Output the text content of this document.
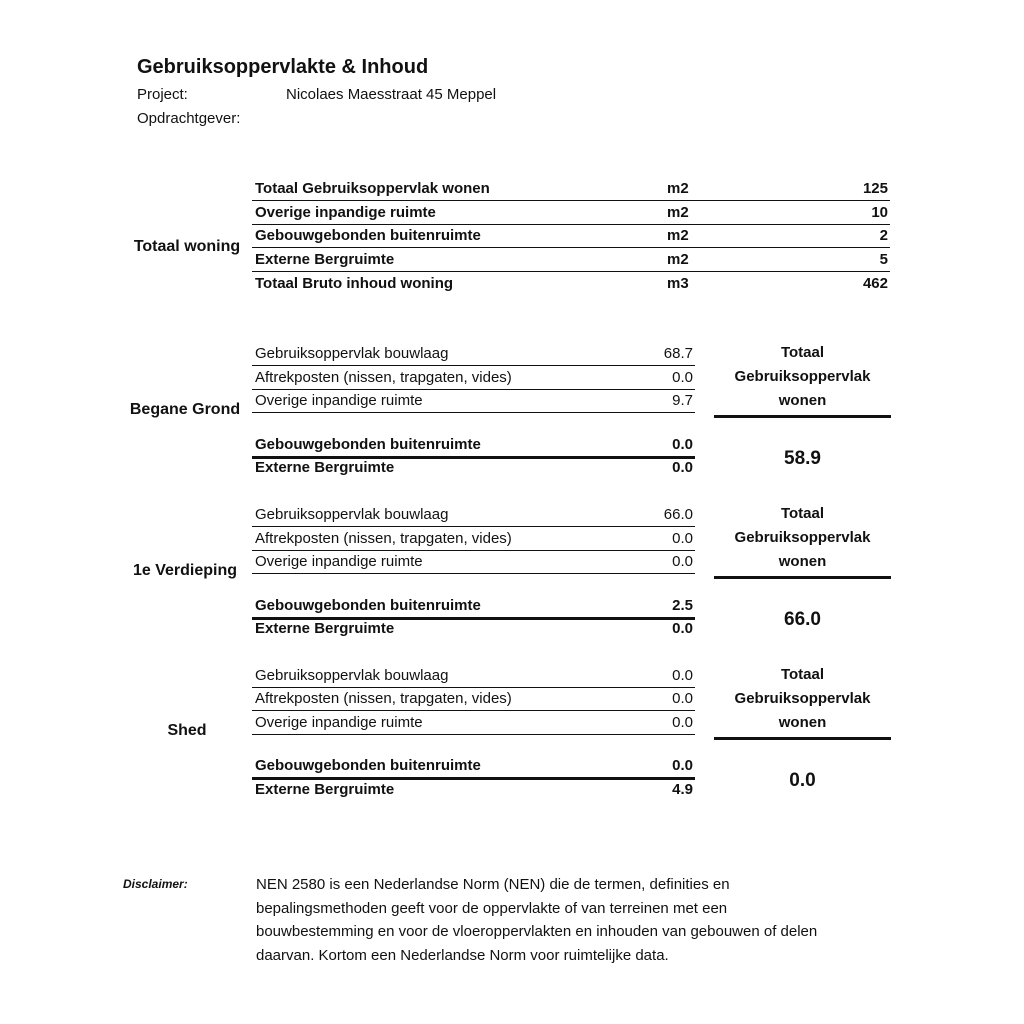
Gebruiksoppervlakte & Inhoud
Project:	Nicolaes Maesstraat 45 Meppel
Opdrachtgever:
Totaal woning
Totaal Gebruiksoppervlak wonen	m2	125
Overige inpandige ruimte	m2	10
Gebouwgebonden buitenruimte	m2	2
Externe Bergruimte	m2	5
Totaal Bruto inhoud woning	m3	462
Begane Grond
Gebruiksoppervlak bouwlaag	68.7
Aftrekposten (nissen, trapgaten, vides)	0.0
Overige inpandige ruimte	9.7
Gebouwgebonden buitenruimte	0.0
Externe Bergruimte	0.0
Totaal
Gebruiksoppervlak
wonen
58.9
1e Verdieping
Gebruiksoppervlak bouwlaag	66.0
Aftrekposten (nissen, trapgaten, vides)	0.0
Overige inpandige ruimte	0.0
Gebouwgebonden buitenruimte	2.5
Externe Bergruimte	0.0
Totaal
Gebruiksoppervlak
wonen
66.0
Shed
Gebruiksoppervlak bouwlaag	0.0
Aftrekposten (nissen, trapgaten, vides)	0.0
Overige inpandige ruimte	0.0
Gebouwgebonden buitenruimte	0.0
Externe Bergruimte	4.9
Totaal
Gebruiksoppervlak
wonen
0.0
Disclaimer:	NEN 2580 is een Nederlandse Norm (NEN) die de termen, definities en
bepalingsmethoden geeft voor de oppervlakte of van terreinen met een
bouwbestemming en voor de vloeroppervlakten en inhouden van gebouwen of delen
daarvan. Kortom een Nederlandse Norm voor ruimtelijke data.
